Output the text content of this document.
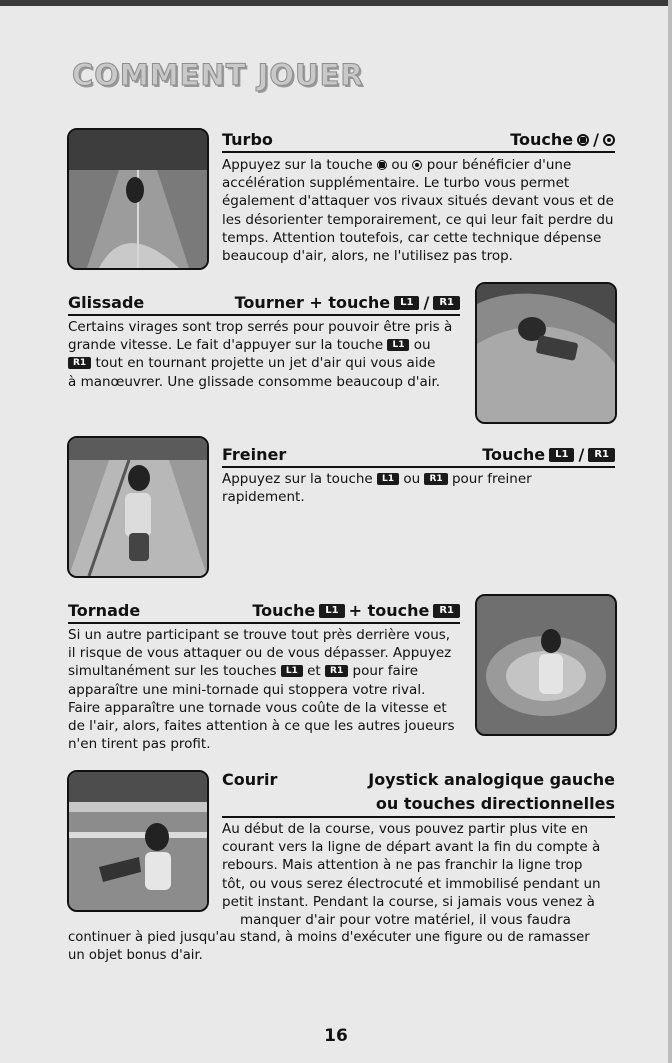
COMMENT JOUER
Turbo	Touche /
Appuyez sur la touche ou pour bénéficier d'une
accélération supplémentaire. Le turbo vous permet
également d'attaquer vos rivaux situés devant vous et de
les désorienter temporairement, ce qui leur fait perdre du
temps. Attention toutefois, car cette technique dépense
beaucoup d'air, alors, ne l'utilisez pas trop.
Glissade	Tourner + touche	L1 /	R1
Certains virages sont trop serrés pour pouvoir être pris à
grande vitesse. Le fait d'appuyer sur la touche L1 ou
R1 tout en tournant projette un jet d'air qui vous aide
à manœuvrer. Une glissade consomme beaucoup d'air.
Freiner	Touche	L1 /	R1
Appuyez sur la touche L1 ou R1 pour freiner
rapidement.
Tornade	Touche	L1 + touche	R1
Si un autre participant se trouve tout près derrière vous,
il risque de vous attaquer ou de vous dépasser. Appuyez
simultanément sur les touches L1 et R1 pour faire
apparaître une mini-tornade qui stoppera votre rival.
Faire apparaître une tornade vous coûte de la vitesse et
de l'air, alors, faites attention à ce que les autres joueurs
n'en tirent pas profit.
Courir	Joystick analogique gauche
ou touches directionnelles
Au début de la course, vous pouvez partir plus vite en
courant vers la ligne de départ avant la fin du compte à
rebours. Mais attention à ne pas franchir la ligne trop
tôt, ou vous serez électrocuté et immobilisé pendant un
petit instant. Pendant la course, si jamais vous venez à
manquer d'air pour votre matériel, il vous faudra
continuer à pied jusqu'au stand, à moins d'exécuter une figure ou de ramasser
un objet bonus d'air.
16
